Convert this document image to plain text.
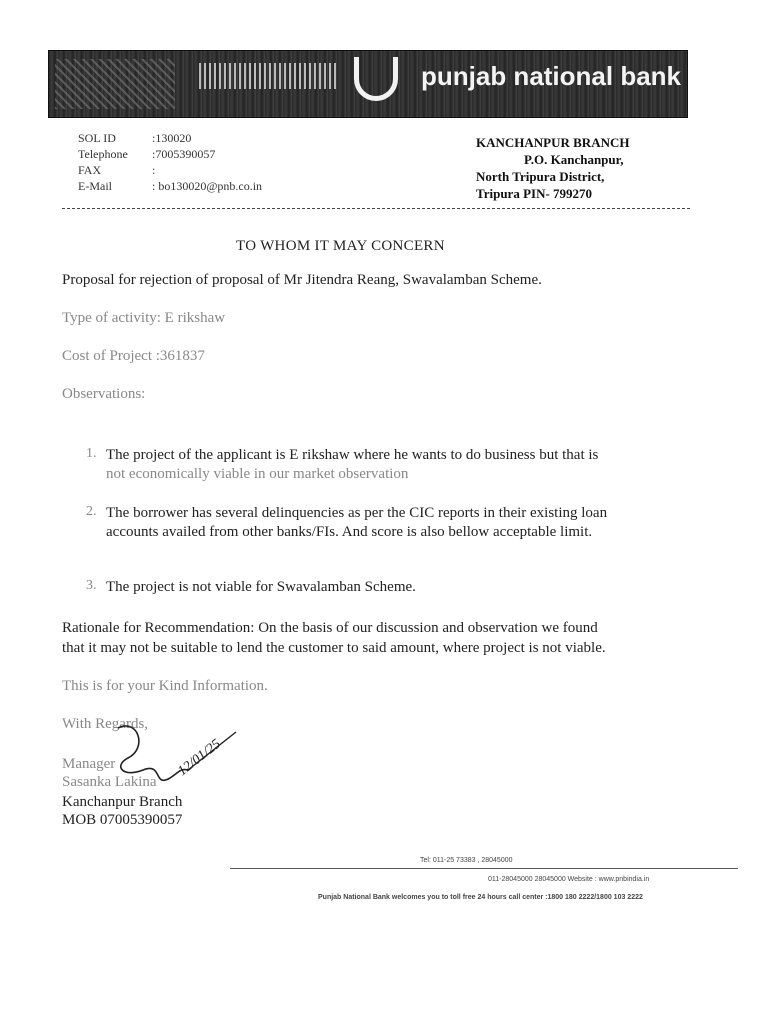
punjab national bank
SOL ID	:130020
Telephone	:7005390057
FAX	:
E-Mail	: bo130020@pnb.co.in
KANCHANPUR BRANCH
P.O. Kanchanpur,
North Tripura District,
Tripura PIN- 799270
TO WHOM IT MAY CONCERN
Proposal for rejection of proposal of Mr Jitendra Reang, Swavalamban Scheme.
Type of activity: E rikshaw
Cost of Project :361837
Observations:
1. The project of the applicant is E rikshaw where he wants to do business but that is
not economically viable in our market observation
2. The borrower has several delinquencies as per the CIC reports in their existing loan
accounts availed from other banks/FIs. And score is also bellow acceptable limit.
3. The project is not viable for Swavalamban Scheme.
Rationale for Recommendation: On the basis of our discussion and observation we found
that it may not be suitable to lend the customer to said amount, where project is not viable.
This is for your Kind Information.
With Regards,
Manager
Sasanka Lakina
Kanchanpur Branch
MOB 07005390057
12/01/25
Tel: 011-25 73383 , 28045000
011-28045000 28045000 Website : www.pnbindia.in
Punjab National Bank welcomes you to toll free 24 hours call center :1800 180 2222/1800 103 2222
